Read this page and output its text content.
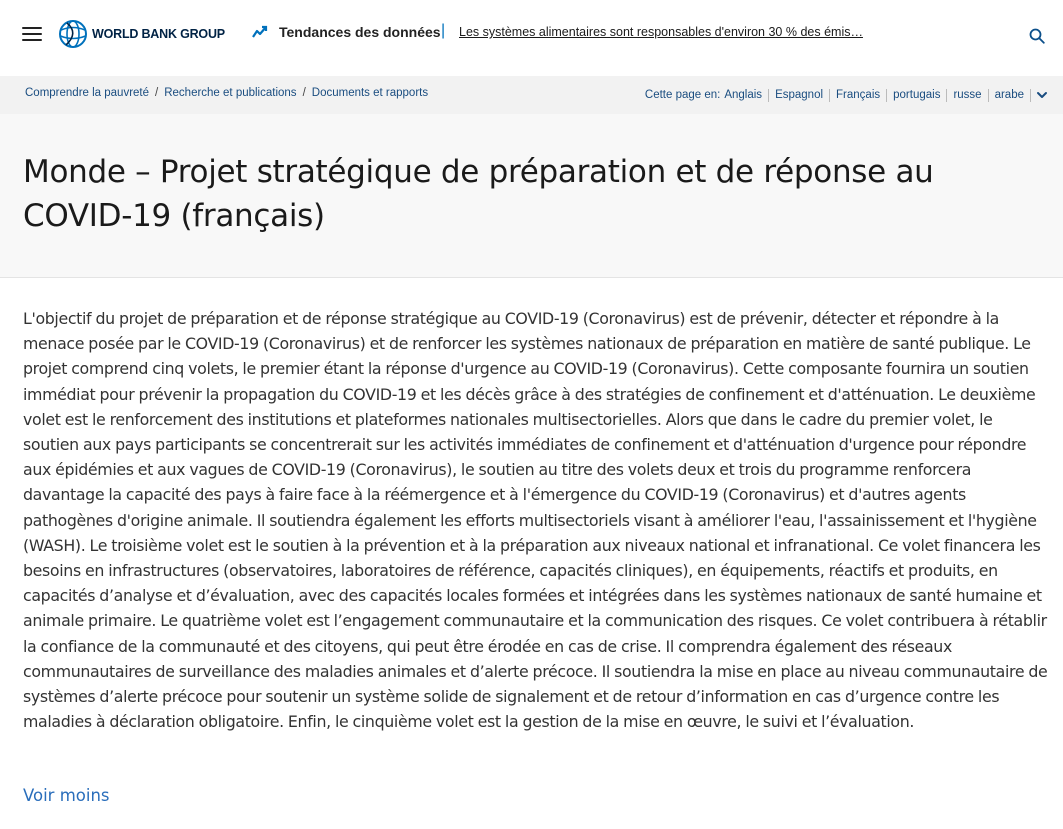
WORLD BANK GROUP	Tendances des données | Les systèmes alimentaires sont responsables d'environ 30 % des émis…
Comprendre la pauvreté / Recherche et publications / Documents et rapports	Cette page en: Anglais	Espagnol	Français	portugais	russe	arabe
Monde – Projet stratégique de préparation et de réponse au COVID-19 (français)

L'objectif du projet de préparation et de réponse stratégique au COVID-19 (Coronavirus) est de prévenir, détecter et répondre à la menace posée par le COVID-19 (Coronavirus) et de renforcer les systèmes nationaux de préparation en matière de santé publique. Le projet comprend cinq volets, le premier étant la réponse d'urgence au COVID-19 (Coronavirus). Cette composante fournira un soutien immédiat pour prévenir la propagation du COVID-19 et les décès grâce à des stratégies de confinement et d'atténuation. Le deuxième volet est le renforcement des institutions et plateformes nationales multisectorielles. Alors que dans le cadre du premier volet, le soutien aux pays participants se concentrerait sur les activités immédiates de confinement et d'atténuation d'urgence pour répondre aux épidémies et aux vagues de COVID-19 (Coronavirus), le soutien au titre des volets deux et trois du programme renforcera davantage la capacité des pays à faire face à la réémergence et à l'émergence du COVID-19 (Coronavirus) et d'autres agents pathogènes d'origine animale. Il soutiendra également les efforts multisectoriels visant à améliorer l'eau, l'assainissement et l'hygiène (WASH). Le troisième volet est le soutien à la prévention et à la préparation aux niveaux national et infranational. Ce volet financera les besoins en infrastructures (observatoires, laboratoires de référence, capacités cliniques), en équipements, réactifs et produits, en capacités d’analyse et d’évaluation, avec des capacités locales formées et intégrées dans les systèmes nationaux de santé humaine et animale primaire. Le quatrième volet est l’engagement communautaire et la communication des risques. Ce volet contribuera à rétablir la confiance de la communauté et des citoyens, qui peut être érodée en cas de crise. Il comprendra également des réseaux communautaires de surveillance des maladies animales et d’alerte précoce. Il soutiendra la mise en place au niveau communautaire de systèmes d’alerte précoce pour soutenir un système solide de signalement et de retour d’information en cas d’urgence contre les maladies à déclaration obligatoire. Enfin, le cinquième volet est la gestion de la mise en œuvre, le suivi et l’évaluation.

Voir moins
